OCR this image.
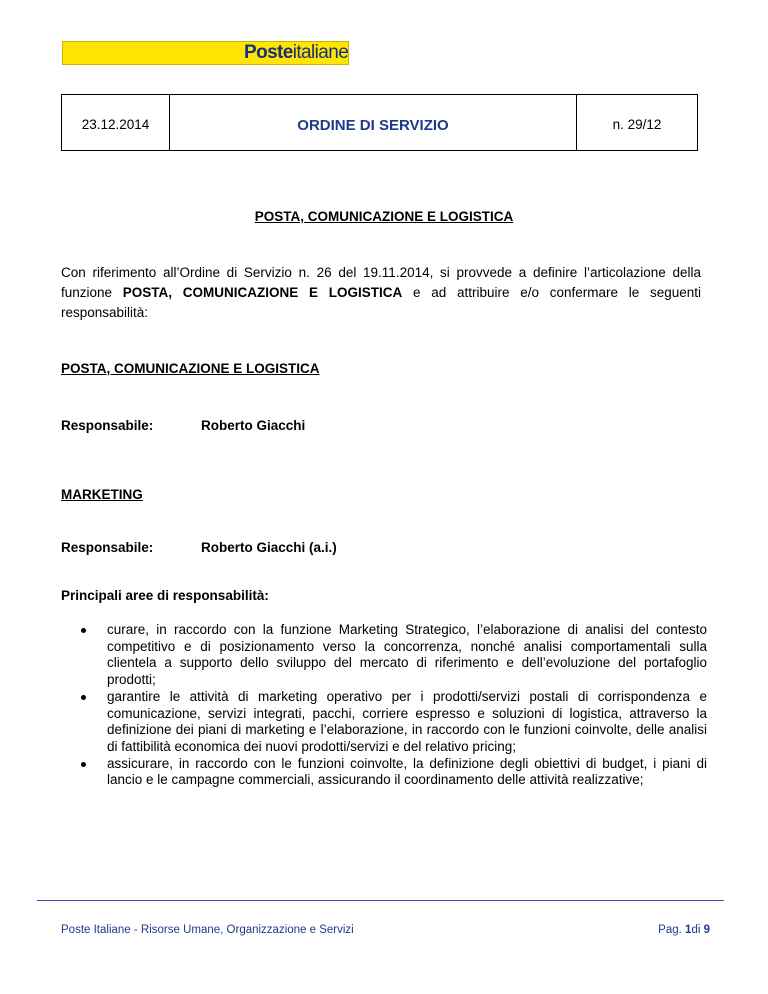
Posteitaliane
23.12.2014	ORDINE DI SERVIZIO	n. 29/12
POSTA, COMUNICAZIONE E LOGISTICA
Con riferimento all’Ordine di Servizio n. 26 del 19.11.2014, si provvede a definire l’articolazione della funzione POSTA, COMUNICAZIONE E LOGISTICA e ad attribuire e/o confermare le seguenti responsabilità:
POSTA, COMUNICAZIONE E LOGISTICA
Responsabile:	Roberto Giacchi
MARKETING
Responsabile:	Roberto Giacchi (a.i.)
Principali aree di responsabilità:
curare, in raccordo con la funzione Marketing Strategico, l’elaborazione di analisi del contesto competitivo e di posizionamento verso la concorrenza, nonché analisi comportamentali sulla clientela a supporto dello sviluppo del mercato di riferimento e dell’evoluzione del portafoglio prodotti;
garantire le attività di marketing operativo per i prodotti/servizi postali di corrispondenza e comunicazione, servizi integrati, pacchi, corriere espresso e soluzioni di logistica, attraverso la definizione dei piani di marketing e l’elaborazione, in raccordo con le funzioni coinvolte, delle analisi di fattibilità economica dei nuovi prodotti/servizi e del relativo pricing;
assicurare, in raccordo con le funzioni coinvolte, la definizione degli obiettivi di budget, i piani di lancio e le campagne commerciali, assicurando il coordinamento delle attività realizzative;
Poste Italiane - Risorse Umane, Organizzazione e Servizi	Pag. 1di 9
